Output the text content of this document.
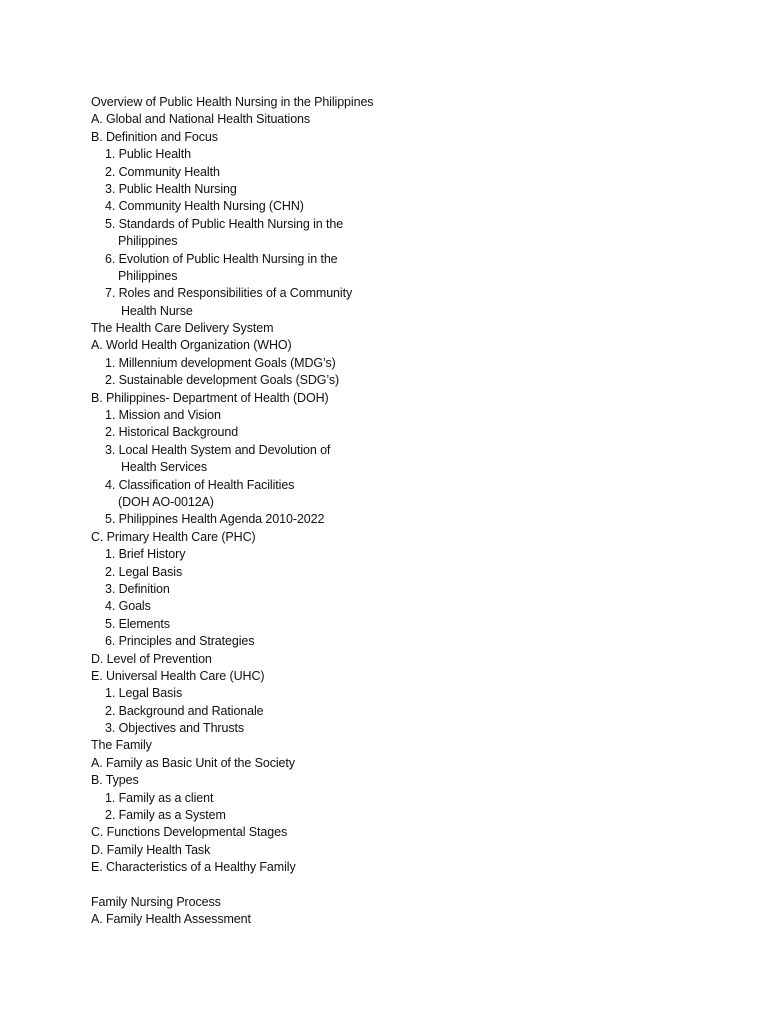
Overview of Public Health Nursing in the Philippines
A. Global and National Health Situations
B. Definition and Focus
1. Public Health
2. Community Health
3. Public Health Nursing
4. Community Health Nursing (CHN)
5. Standards of Public Health Nursing in the
Philippines
6. Evolution of Public Health Nursing in the
Philippines
7. Roles and Responsibilities of a Community
Health Nurse
The Health Care Delivery System
A. World Health Organization (WHO)
1. Millennium development Goals (MDG’s)
2. Sustainable development Goals (SDG’s)
B. Philippines- Department of Health (DOH)
1. Mission and Vision
2. Historical Background
3. Local Health System and Devolution of
Health Services
4. Classification of Health Facilities
(DOH AO-0012A)
5. Philippines Health Agenda 2010-2022
C. Primary Health Care (PHC)
1. Brief History
2. Legal Basis
3. Definition
4. Goals
5. Elements
6. Principles and Strategies
D. Level of Prevention
E. Universal Health Care (UHC)
1. Legal Basis
2. Background and Rationale
3. Objectives and Thrusts
The Family
A. Family as Basic Unit of the Society
B. Types
1. Family as a client
2. Family as a System
C. Functions Developmental Stages
D. Family Health Task
E. Characteristics of a Healthy Family
Family Nursing Process
A. Family Health Assessment
